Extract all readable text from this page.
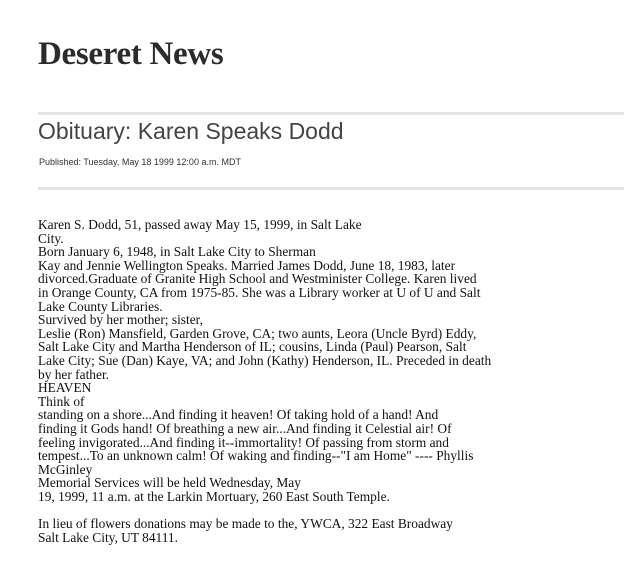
Deseret News
Obituary: Karen Speaks Dodd
Published: Tuesday, May 18 1999 12:00 a.m. MDT
Karen S. Dodd, 51, passed away May 15, 1999, in Salt Lake
City.
Born January 6, 1948, in Salt Lake City to Sherman
Kay and Jennie Wellington Speaks. Married James Dodd, June 18, 1983, later
divorced.Graduate of Granite High School and Westminister College. Karen lived
in Orange County, CA from 1975-85. She was a Library worker at U of U and Salt
Lake County Libraries.
Survived by her mother; sister,
Leslie (Ron) Mansfield, Garden Grove, CA; two aunts, Leora (Uncle Byrd) Eddy,
Salt Lake City and Martha Henderson of IL; cousins, Linda (Paul) Pearson, Salt
Lake City; Sue (Dan) Kaye, VA; and John (Kathy) Henderson, IL. Preceded in death
by her father.
HEAVEN
Think of
standing on a shore...And finding it heaven! Of taking hold of a hand! And
finding it Gods hand! Of breathing a new air...And finding it Celestial air! Of
feeling invigorated...And finding it--immortality! Of passing from storm and
tempest...To an unknown calm! Of waking and finding--"I am Home" ---- Phyllis
McGinley
Memorial Services will be held Wednesday, May
19, 1999, 11 a.m. at the Larkin Mortuary, 260 East South Temple.
In lieu of flowers donations may be made to the, YWCA, 322 East Broadway
Salt Lake City, UT 84111.
